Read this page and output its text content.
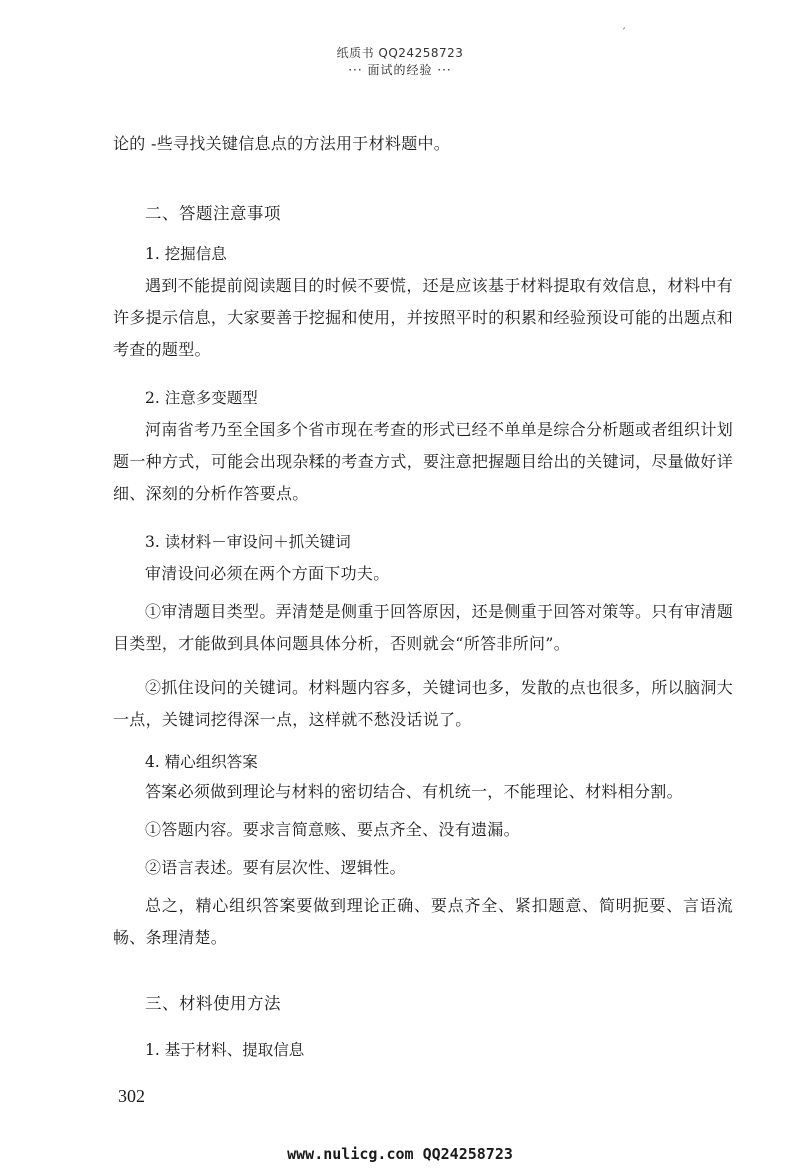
ˊ
纸质书 QQ24258723
··· 面试的经验 ···
论的 -些寻找关键信息点的方法用于材料题中。
二、答题注意事项
1. 挖掘信息
遇到不能提前阅读题目的时候不要慌，还是应该基于材料提取有效信息，材料中有许多提示信息，大家要善于挖掘和使用，并按照平时的积累和经验预设可能的出题点和考查的题型。
2. 注意多变题型
河南省考乃至全国多个省市现在考查的形式已经不单单是综合分析题或者组织计划题一种方式，可能会出现杂糅的考查方式，要注意把握题目给出的关键词，尽量做好详细、深刻的分析作答要点。
3. 读材料－审设问＋抓关键词
审清设问必须在两个方面下功夫。
①审清题目类型。弄清楚是侧重于回答原因，还是侧重于回答对策等。只有审清题目类型，才能做到具体问题具体分析，否则就会“所答非所问”。
②抓住设问的关键词。材料题内容多，关键词也多，发散的点也很多，所以脑洞大一点，关键词挖得深一点，这样就不愁没话说了。
4. 精心组织答案
答案必须做到理论与材料的密切结合、有机统一，不能理论、材料相分割。
①答题内容。要求言简意赅、要点齐全、没有遗漏。
②语言表述。要有层次性、逻辑性。
总之，精心组织答案要做到理论正确、要点齐全、紧扣题意、简明扼要、言语流畅、条理清楚。
三、材料使用方法
1. 基于材料、提取信息
302
www.nulicg.com QQ24258723
